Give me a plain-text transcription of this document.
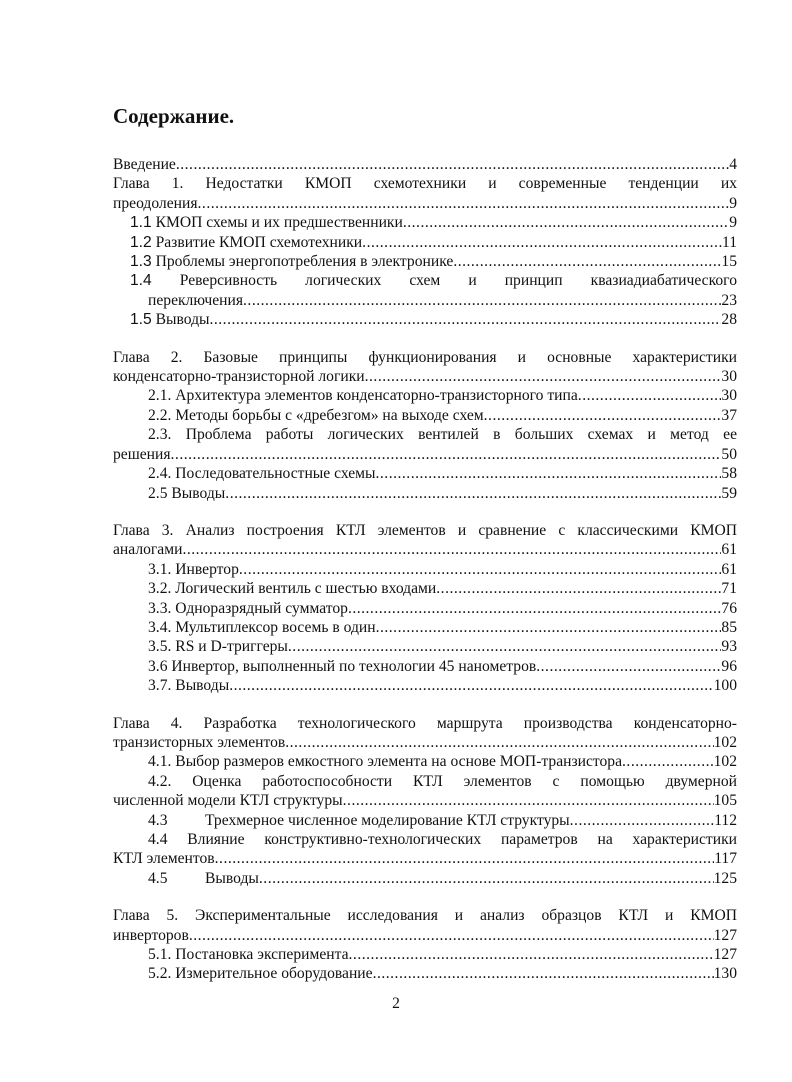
Содержание.
Введение .....	4
Глава 1. Недостатки КМОП схемотехники и современные тенденции их
преодоления .....	9
1.1 КМОП схемы и их предшественники .....	9
1.2 Развитие КМОП схемотехники .....	11
1.3 Проблемы энергопотребления в электронике .....	15
1.4 Реверсивность логических схем и принцип квазиадиабатического
переключения .....	23
1.5 Выводы .....	28
Глава 2. Базовые принципы функционирования и основные характеристики
конденсаторно-транзисторной логики .....	30
2.1. Архитектура элементов конденсаторно-транзисторного типа .....	30
2.2. Методы борьбы с «дребезгом» на выходе схем .....	37
2.3. Проблема работы логических вентилей в больших схемах и метод ее
решения .....	50
2.4. Последовательностные схемы .....	58
2.5 Выводы .....	59
Глава 3. Анализ построения КТЛ элементов и сравнение с классическими КМОП
аналогами .....	61
3.1. Инвертор .....	61
3.2. Логический вентиль с шестью входами .....	71
3.3. Одноразрядный сумматор .....	76
3.4. Мультиплексор восемь в один .....	85
3.5. RS и D-триггеры .....	93
3.6 Инвертор, выполненный по технологии 45 нанометров .....	96
3.7. Выводы .....	100
Глава 4. Разработка технологического маршрута производства конденсаторно-
транзисторных элементов .....	102
4.1. Выбор размеров емкостного элемента на основе МОП-транзистора .....	102
4.2. Оценка работоспособности КТЛ элементов с помощью двумерной
численной модели КТЛ структуры .....	105
4.3 Трехмерное численное моделирование КТЛ структуры .....	112
4.4 Влияние конструктивно-технологических параметров на характеристики
КТЛ элементов .....	117
4.5 Выводы .....	125
Глава 5. Экспериментальные исследования и анализ образцов КТЛ и КМОП
инверторов .....	127
5.1. Постановка эксперимента .....	127
5.2. Измерительное оборудование .....	130
2
